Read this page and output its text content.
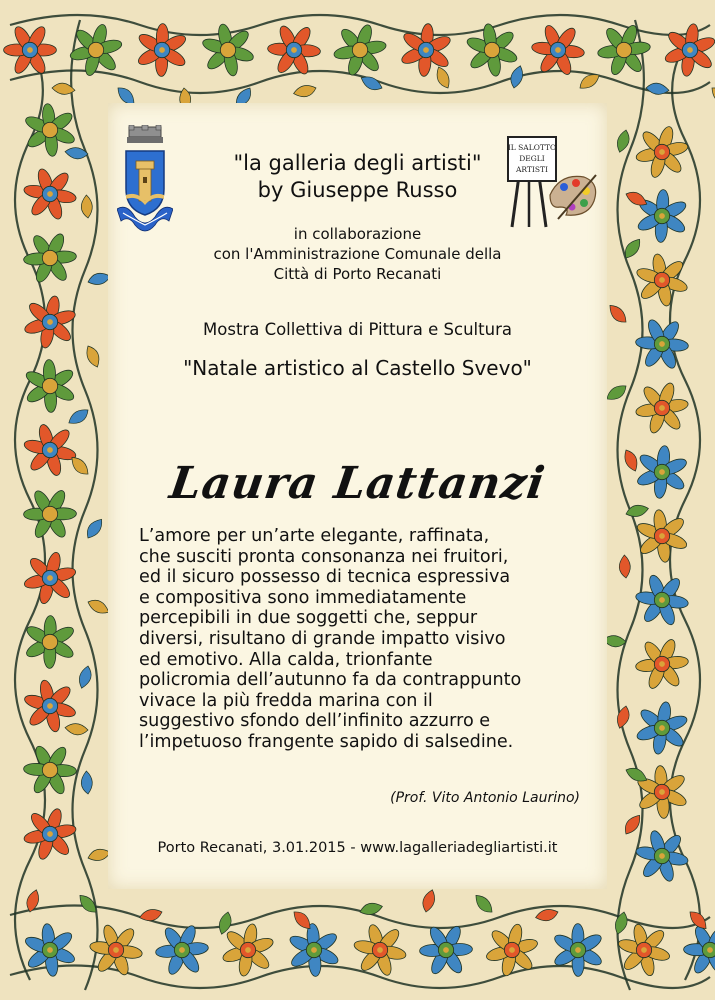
IL SALOTTO
DEGLI
ARTISTI
"la galleria degli artisti"
by Giuseppe Russo
in collaborazione
con l'Amministrazione Comunale della
Città di Porto Recanati
Mostra Collettiva di Pittura e Scultura
"Natale artistico al Castello Svevo"
Laura Lattanzi
L’amore per un’arte elegante, raffinata,
che susciti pronta consonanza nei fruitori,
ed il sicuro possesso di tecnica espressiva
e compositiva sono immediatamente
percepibili in due soggetti che, seppur
diversi, risultano di grande impatto visivo
ed emotivo. Alla calda, trionfante
policromia dell’autunno fa da contrappunto
vivace la più fredda marina con il
suggestivo sfondo dell’infinito azzurro e
l’impetuoso frangente sapido di salsedine.
(Prof. Vito Antonio Laurino)
Porto Recanati, 3.01.2015 - www.lagalleriadegliartisti.it
